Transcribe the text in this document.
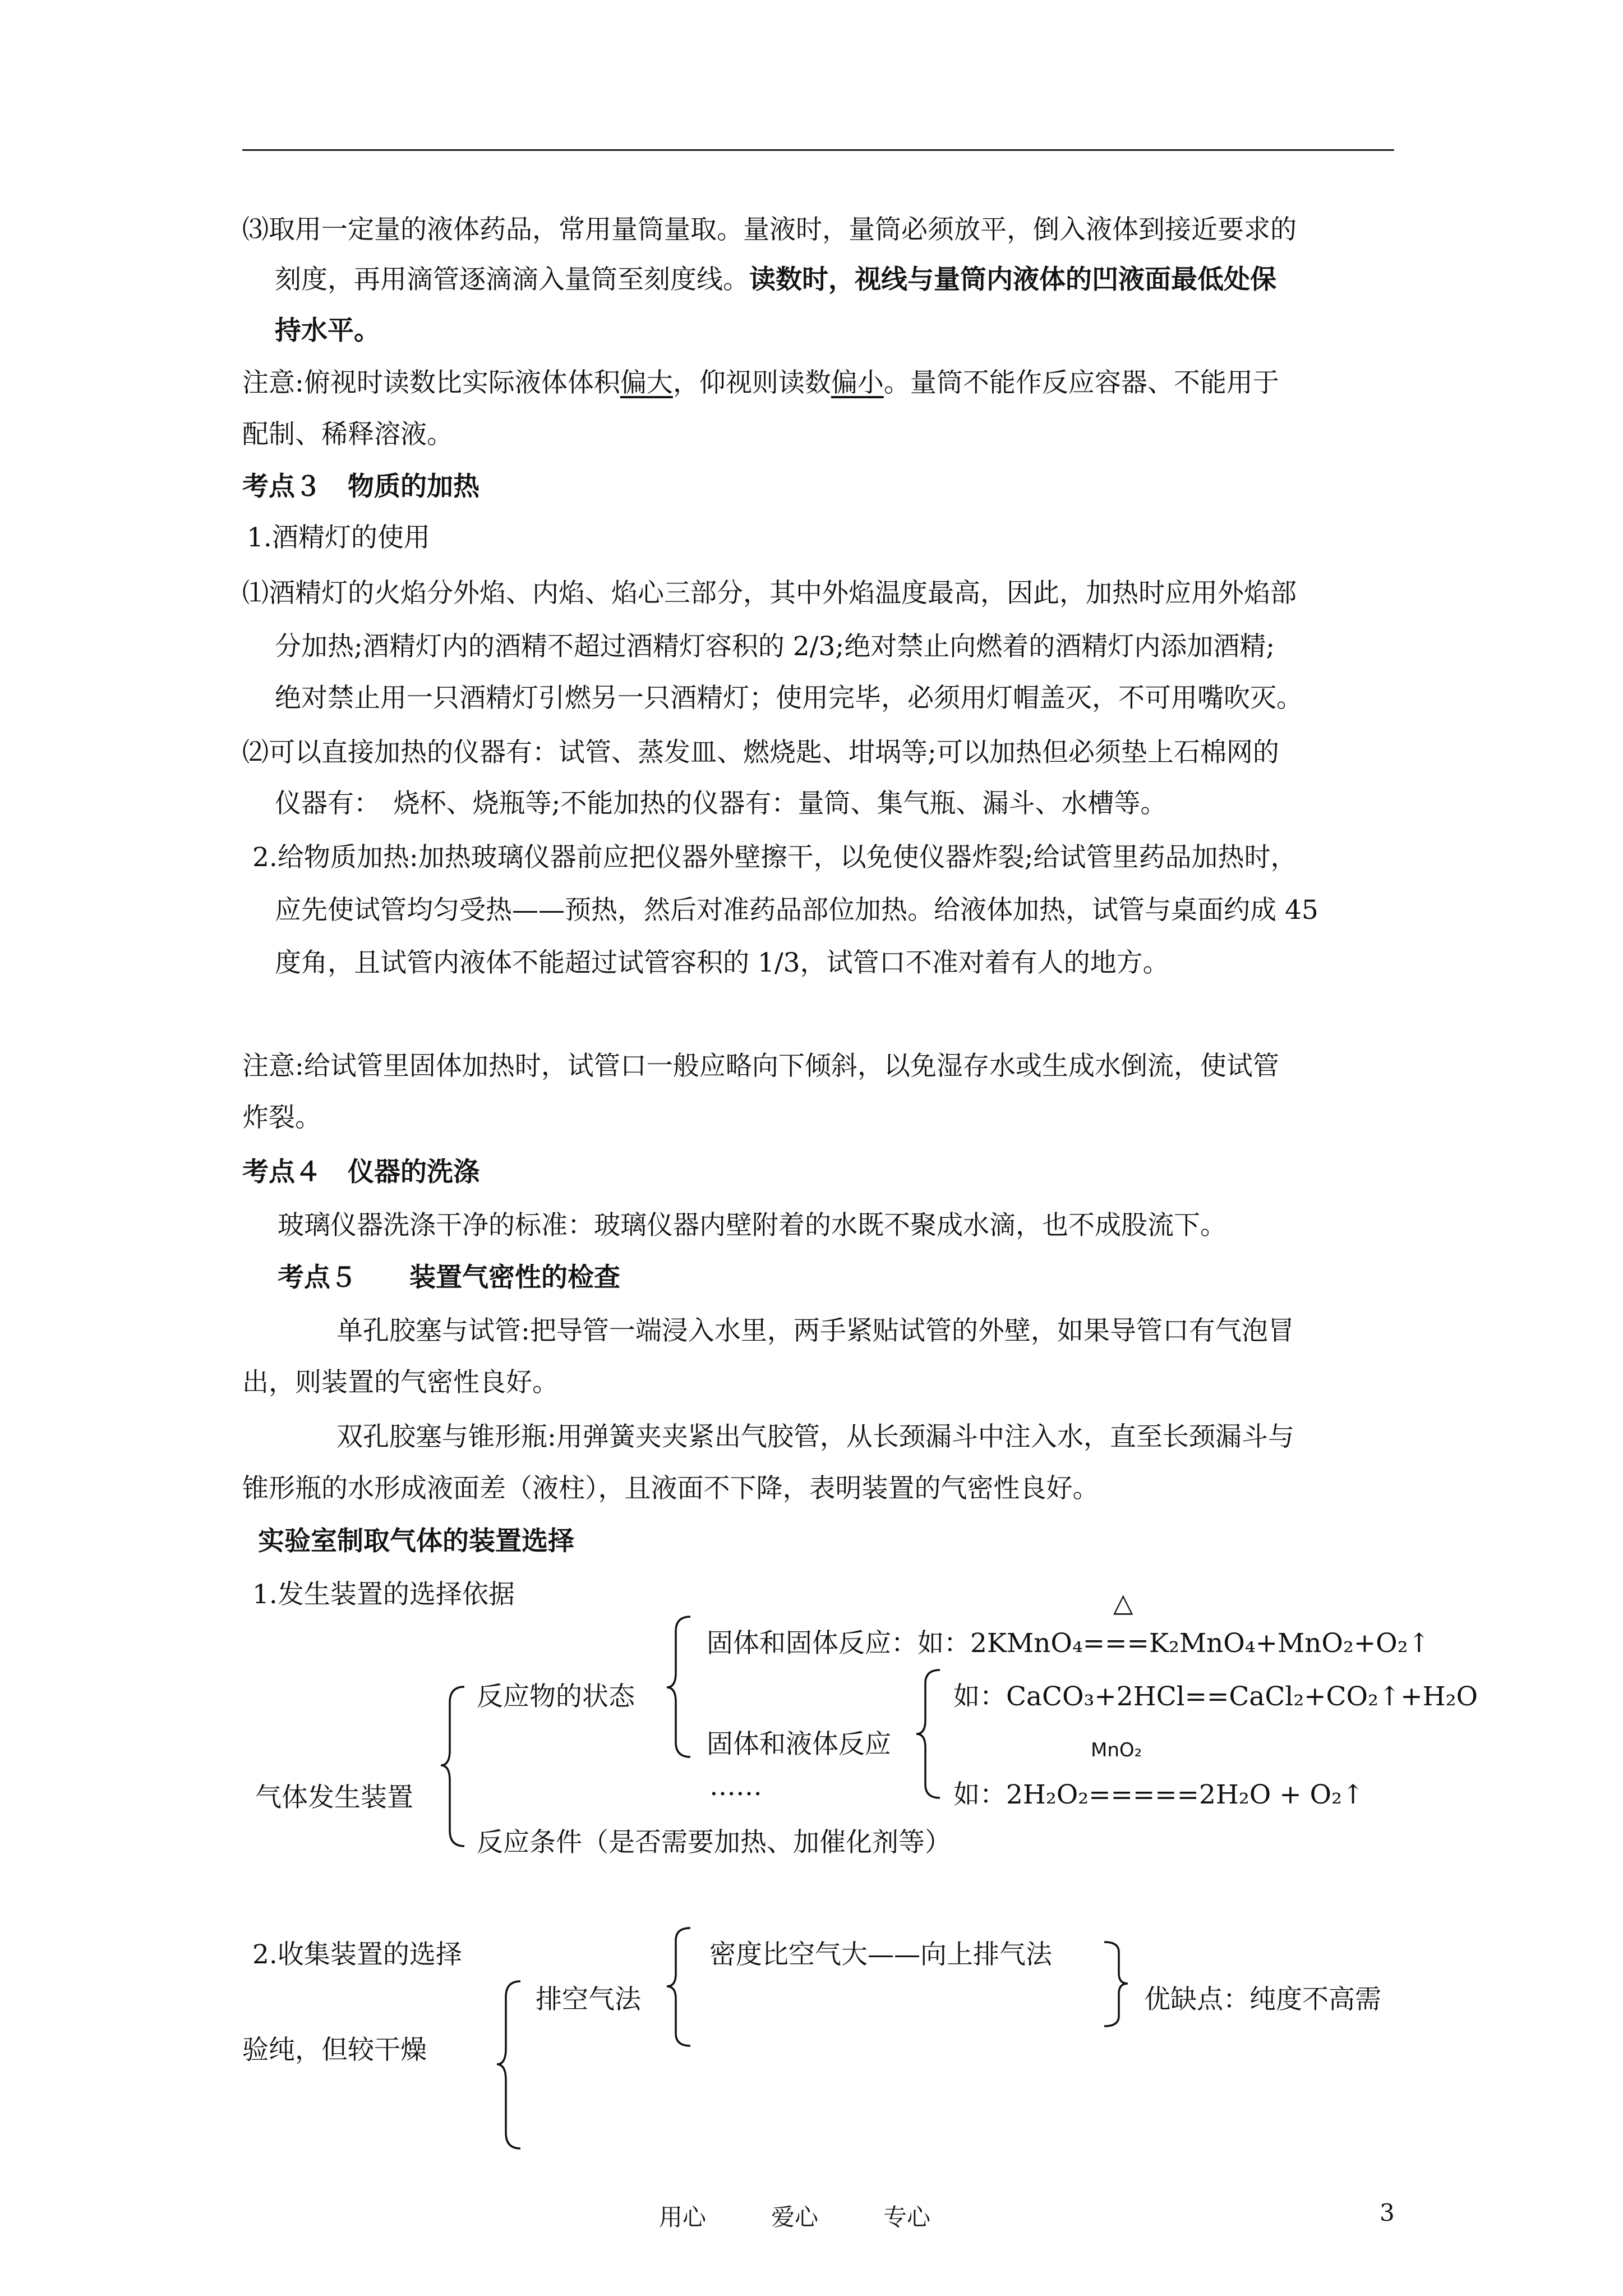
⑶取用一定量的液体药品，常用量筒量取。量液时，量筒必须放平，倒入液体到接近要求的
刻度，再用滴管逐滴滴入量筒至刻度线。读数时，视线与量筒内液体的凹液面最低处保
持水平。
注意:俯视时读数比实际液体体积偏大，仰视则读数偏小。量筒不能作反应容器、不能用于
配制、稀释溶液。
考点３　物质的加热
1.酒精灯的使用
⑴酒精灯的火焰分外焰、内焰、焰心三部分，其中外焰温度最高，因此，加热时应用外焰部
分加热;酒精灯内的酒精不超过酒精灯容积的 2/3;绝对禁止向燃着的酒精灯内添加酒精;
绝对禁止用一只酒精灯引燃另一只酒精灯；使用完毕，必须用灯帽盖灭，不可用嘴吹灭。
⑵可以直接加热的仪器有：试管、蒸发皿、燃烧匙、坩埚等;可以加热但必须垫上石棉网的
仪器有：　烧杯、烧瓶等;不能加热的仪器有：量筒、集气瓶、漏斗、水槽等。
2.给物质加热:加热玻璃仪器前应把仪器外壁擦干，以免使仪器炸裂;给试管里药品加热时，
应先使试管均匀受热——预热，然后对准药品部位加热。给液体加热，试管与桌面约成 45
度角，且试管内液体不能超过试管容积的 1/3，试管口不准对着有人的地方。
注意:给试管里固体加热时，试管口一般应略向下倾斜，以免湿存水或生成水倒流，使试管
炸裂。
考点４　仪器的洗涤
玻璃仪器洗涤干净的标准：玻璃仪器内壁附着的水既不聚成水滴，也不成股流下。
考点５　　装置气密性的检查
单孔胶塞与试管:把导管一端浸入水里，两手紧贴试管的外壁，如果导管口有气泡冒
出，则装置的气密性良好。
双孔胶塞与锥形瓶:用弹簧夹夹紧出气胶管，从长颈漏斗中注入水，直至长颈漏斗与
锥形瓶的水形成液面差（液柱），且液面不下降，表明装置的气密性良好。
实验室制取气体的装置选择
1.发生装置的选择依据	△
固体和固体反应：如：2KMnO₄===K₂MnO₄+MnO₂+O₂↑
反应物的状态	如：CaCO₃+2HCl==CaCl₂+CO₂↑+H₂O
固体和液体反应	MnO₂
气体发生装置	……	如：2H₂O₂=====2H₂O + O₂↑
反应条件（是否需要加热、加催化剂等）
2.收集装置的选择	密度比空气大——向上排气法
排空气法	优缺点：纯度不高需
验纯，但较干燥
用心	爱心	专心	3
